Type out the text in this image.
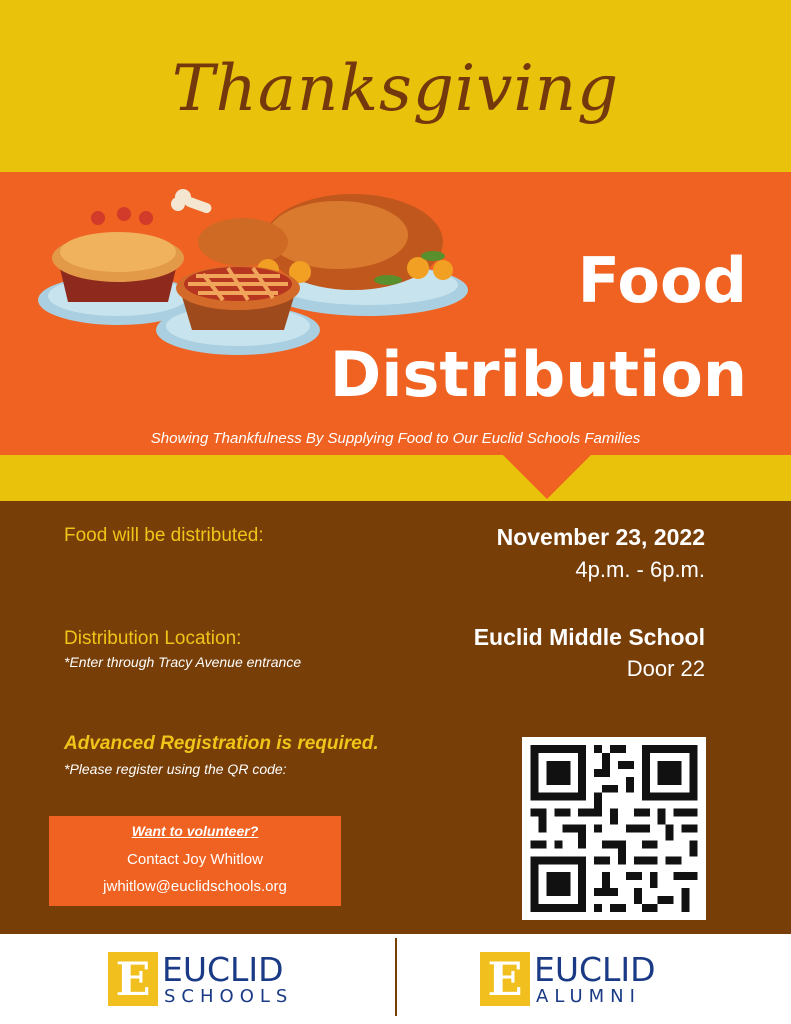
Thanksgiving
Food
Distribution
Showing Thankfulness By Supplying Food to Our Euclid Schools Families
Food will be distributed:	November 23, 2022
4p.m. - 6p.m.
Distribution Location:
*Enter through Tracy Avenue entrance
Euclid Middle School
Door 22
Advanced Registration is required.
*Please register using the QR code:
Want to volunteer?
Contact Joy Whitlow
jwhitlow@euclidschools.org
E EUCLID
SCHOOLS	E EUCLID
ALUMNI
